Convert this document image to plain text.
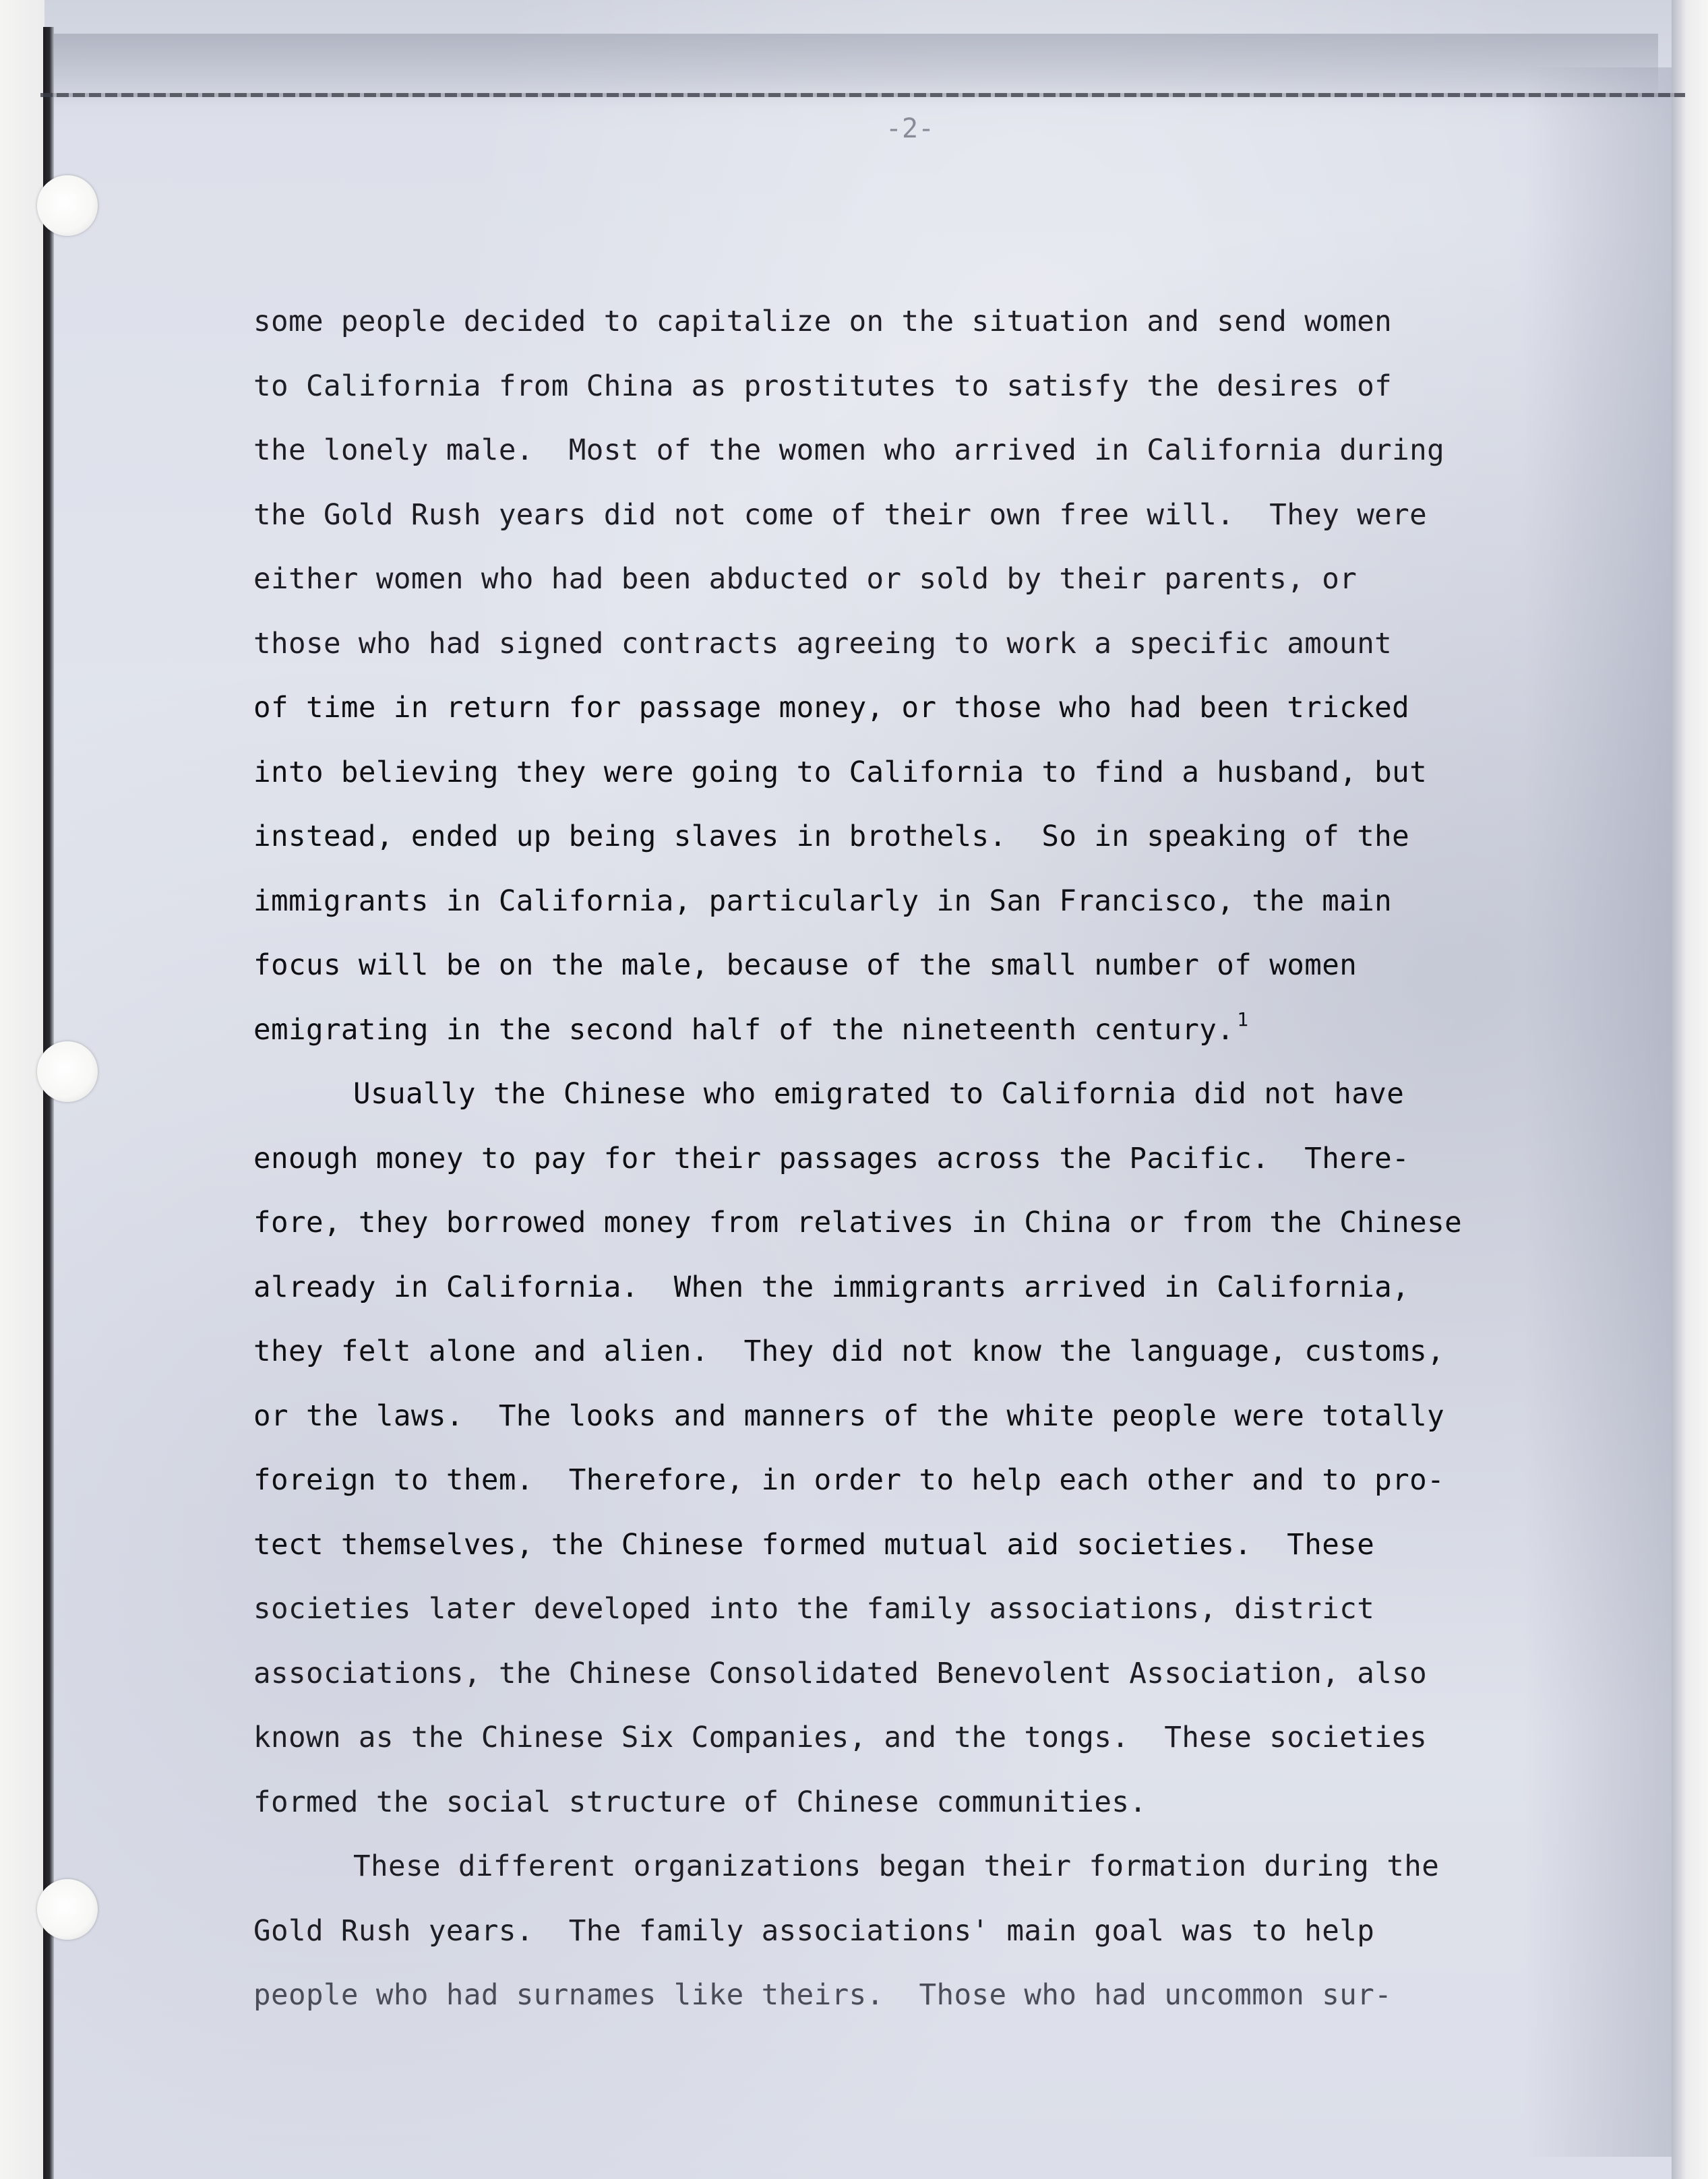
-2-
some people decided to capitalize on the situation and send women
to California from China as prostitutes to satisfy the desires of
the lonely male.  Most of the women who arrived in California during
the Gold Rush years did not come of their own free will.  They were
either women who had been abducted or sold by their parents, or
those who had signed contracts agreeing to work a specific amount
of time in return for passage money, or those who had been tricked
into believing they were going to California to find a husband, but
instead, ended up being slaves in brothels.  So in speaking of the
immigrants in California, particularly in San Francisco, the main
focus will be on the male, because of the small number of women
emigrating in the second half of the nineteenth century. $^1$
Usually the Chinese who emigrated to California did not have
enough money to pay for their passages across the Pacific.  There-
fore, they borrowed money from relatives in China or from the Chinese
already in California.  When the immigrants arrived in California,
they felt alone and alien.  They did not know the language, customs,
or the laws.  The looks and manners of the white people were totally
foreign to them.  Therefore, in order to help each other and to pro-
tect themselves, the Chinese formed mutual aid societies.  These
societies later developed into the family associations, district
associations, the Chinese Consolidated Benevolent Association, also
known as the Chinese Six Companies, and the tongs.  These societies
formed the social structure of Chinese communities.
These different organizations began their formation during the
Gold Rush years.  The family associations' main goal was to help
people who had surnames like theirs.  Those who had uncommon sur-
